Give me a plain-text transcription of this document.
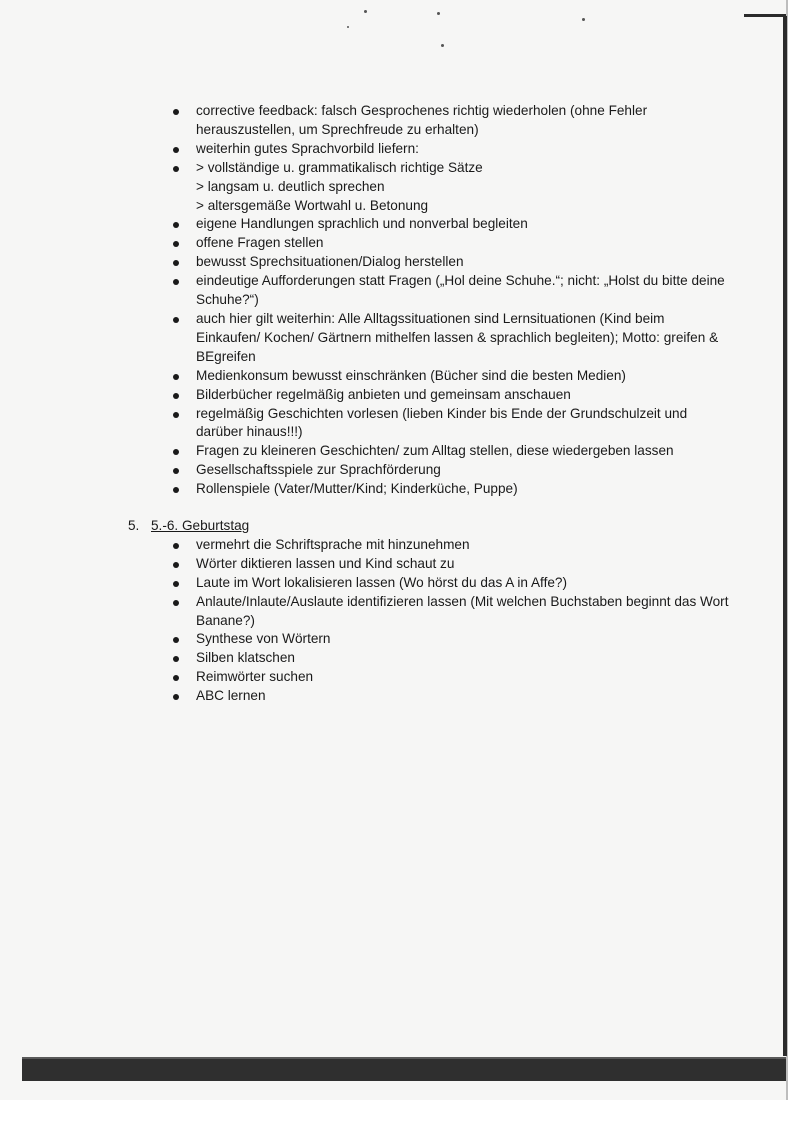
corrective feedback: falsch Gesprochenes richtig wiederholen (ohne Fehler herauszustellen, um Sprechfreude zu erhalten)
weiterhin gutes Sprachvorbild liefern:
> vollständige u. grammatikalisch richtige Sätze
> langsam u. deutlich sprechen
> altersgemäße Wortwahl u. Betonung
eigene Handlungen sprachlich und nonverbal begleiten
offene Fragen stellen
bewusst Sprechsituationen/Dialog herstellen
eindeutige Aufforderungen statt Fragen („Hol deine Schuhe.“; nicht: „Holst du bitte deine Schuhe?“)
auch hier gilt weiterhin: Alle Alltagssituationen sind Lernsituationen (Kind beim Einkaufen/ Kochen/ Gärtnern mithelfen lassen & sprachlich begleiten); Motto: greifen & BEgreifen
Medienkonsum bewusst einschränken (Bücher sind die besten Medien)
Bilderbücher regelmäßig anbieten und gemeinsam anschauen
regelmäßig Geschichten vorlesen (lieben Kinder bis Ende der Grundschulzeit und darüber hinaus!!!)
Fragen zu kleineren Geschichten/ zum Alltag stellen, diese wiedergeben lassen
Gesellschaftsspiele zur Sprachförderung
Rollenspiele (Vater/Mutter/Kind; Kinderküche, Puppe)
5. 5.-6. Geburtstag
vermehrt die Schriftsprache mit hinzunehmen
Wörter diktieren lassen und Kind schaut zu
Laute im Wort lokalisieren lassen (Wo hörst du das A in Affe?)
Anlaute/Inlaute/Auslaute identifizieren lassen (Mit welchen Buchstaben beginnt das Wort Banane?)
Synthese von Wörtern
Silben klatschen
Reimwörter suchen
ABC lernen
